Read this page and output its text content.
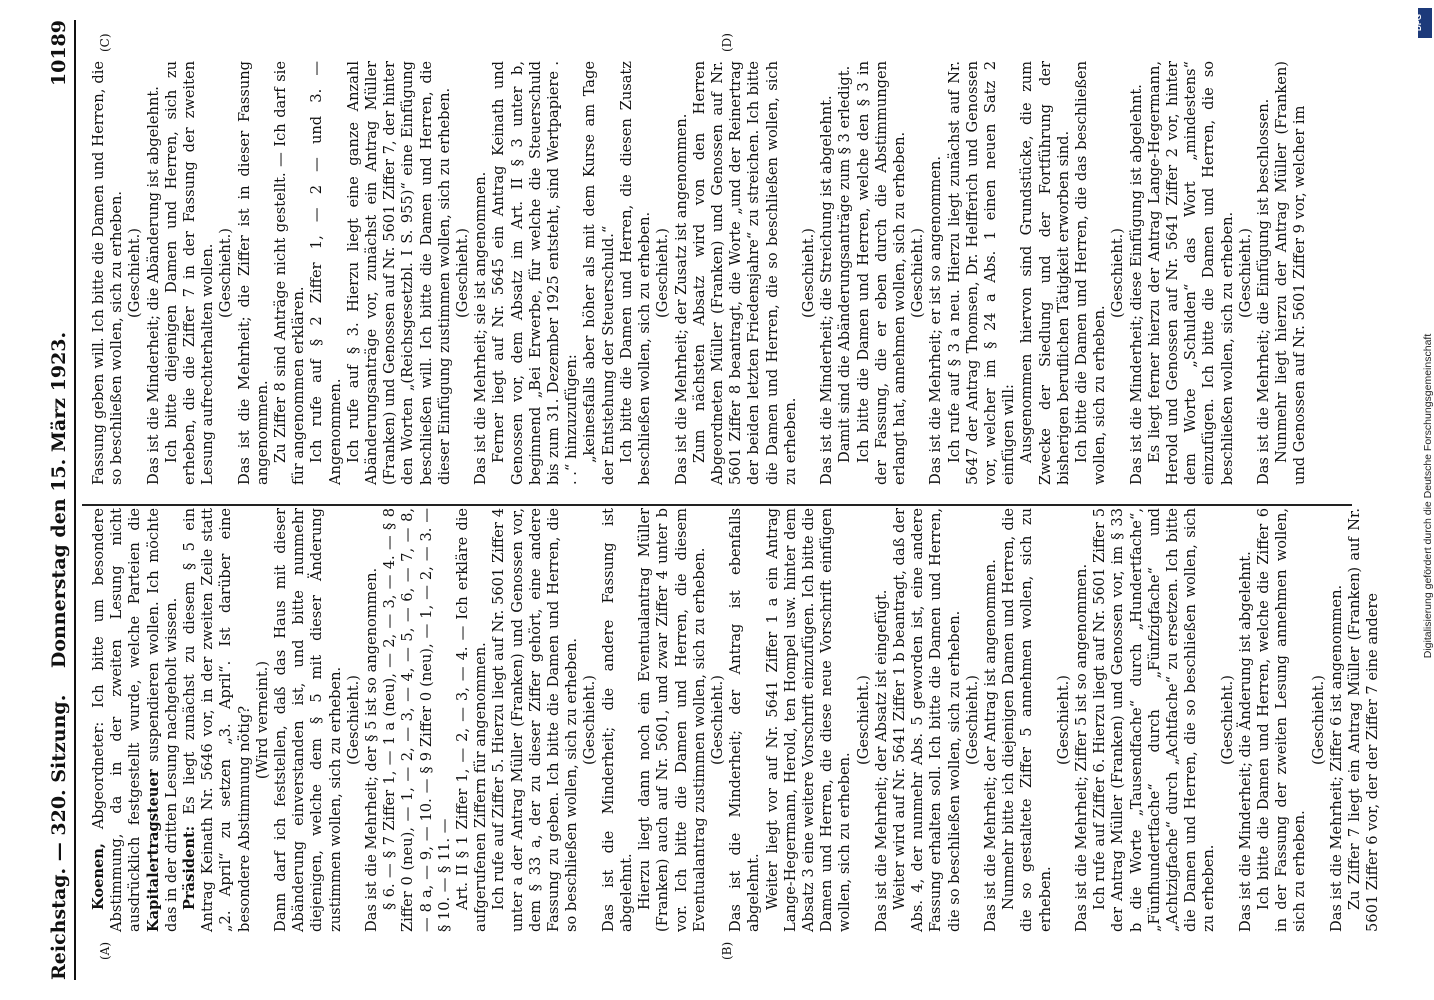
Reichstag. — 320. Sitzung.
Donnerstag den 15. März 1923.
10189
(A)	(B)
(C)	(D)

Koenen, Abgeordneter: Ich bitte um besondere Abstimmung, da in der zweiten Lesung nicht ausdrücklich festgestellt wurde, welche Parteien die Kapitalertragsteuer suspendieren wollen. Ich möchte das in der dritten Lesung nachgeholt wissen. Präsident: Es liegt zunächst zu diesem § 5 ein Antrag Keinath Nr. 5646 vor, in der zweiten Zeile statt „2. April“ zu setzen „3. April“. Ist darüber eine besondere Abstimmung nötig? (Wird verneint.) Dann darf ich feststellen, daß das Haus mit dieser Abänderung einverstanden ist, und bitte nunmehr diejenigen, welche dem § 5 mit dieser Änderung zustimmen wollen, sich zu erheben. (Geschieht.) Das ist die Mehrheit; der § 5 ist so angenommen. § 6. — § 7 Ziffer 1, — 1 a (neu), — 2, — 3, — 4. — § 8 Ziffer 0 (neu), — 1, — 2, — 3, — 4, — 5, — 6, — 7, — 8, — 8 a, — 9, — 10. — § 9 Ziffer 0 (neu), — 1, — 2, — 3. — § 10. — § 11. — Art. II § 1 Ziffer 1, — 2, — 3, — 4. — Ich erkläre die aufgerufenen Ziffern für angenommen. Ich rufe auf Ziffer 5. Hierzu liegt auf Nr. 5601 Ziffer 4 unter a der Antrag Müller (Franken) und Genossen vor, dem § 33 a, der zu dieser Ziffer gehört, eine andere Fassung zu geben. Ich bitte die Damen und Herren, die so beschließen wollen, sich zu erheben. (Geschieht.) Das ist die Minderheit; die andere Fassung ist abgelehnt. Hierzu liegt dann noch ein Eventualantrag Müller (Franken) auch auf Nr. 5601, und zwar Ziffer 4 unter b vor. Ich bitte die Damen und Herren, die diesem Eventualantrag zustimmen wollen, sich zu erheben. (Geschieht.) Das ist die Minderheit; der Antrag ist ebenfalls abgelehnt. Weiter liegt vor auf Nr. 5641 Ziffer 1 a ein Antrag Lange-Hegermann, Herold, ten Hompel usw. hinter dem Absatz 3 eine weitere Vorschrift einzufügen. Ich bitte die Damen und Herren, die diese neue Vorschrift einfügen wollen, sich zu erheben.

(Geschieht.) Das ist die Mehrheit; der Absatz ist eingefügt. Weiter wird auf Nr. 5641 Ziffer 1 b beantragt, daß der Abs. 4, der nunmehr Abs. 5 geworden ist, eine andere Fassung erhalten soll. Ich bitte die Damen und Herren, die so beschließen wollen, sich zu erheben. (Geschieht.) Das ist die Mehrheit; der Antrag ist angenommen. Nunmehr bitte ich diejenigen Damen und Herren, die die so gestaltete Ziffer 5 annehmen wollen, sich zu erheben.

(Geschieht.) Das ist die Mehrheit; Ziffer 5 ist so angenommen. Ich rufe auf Ziffer 6. Hierzu liegt auf Nr. 5601 Ziffer 5 der Antrag Müller (Franken) und Genossen vor, im § 33 b die Worte „Tausendfache“ durch „Hundertfache“, „Fünfhundertfache“ durch „Fünfzigfache“ und „Achtzigfache“ durch „Achtfache“ zu ersetzen. Ich bitte die Damen und Herren, die so beschließen wollen, sich zu erheben.

(Geschieht.) Das ist die Minderheit; die Änderung ist abgelehnt. Ich bitte die Damen und Herren, welche die Ziffer 6 in der Fassung der zweiten Lesung annehmen wollen, sich zu erheben.

(Geschieht.) Das ist die Mehrheit; Ziffer 6 ist angenommen. Zu Ziffer 7 liegt ein Antrag Müller (Franken) auf Nr. 5601 Ziffer 6 vor, der der Ziffer 7 eine andere

Fassung geben will. Ich bitte die Damen und Herren, die so beschließen wollen, sich zu erheben. (Geschieht.) Das ist die Minderheit; die Abänderung ist abgelehnt. Ich bitte diejenigen Damen und Herren, sich zu erheben, die die Ziffer 7 in der Fassung der zweiten Lesung aufrechterhalten wollen. (Geschieht.) Das ist die Mehrheit; die Ziffer ist in dieser Fassung angenommen. Zu Ziffer 8 sind Anträge nicht gestellt. — Ich darf sie für angenommen erklären. Ich rufe auf § 2 Ziffer 1, — 2 — und 3. — Angenommen. Ich rufe auf § 3. Hierzu liegt eine ganze Anzahl Abänderungsanträge vor, zunächst ein Antrag Müller (Franken) und Genossen auf Nr. 5601 Ziffer 7, der hinter den Worten „(Reichsgesetzbl. I S. 955)“ eine Einfügung beschließen will. Ich bitte die Damen und Herren, die dieser Einfügung zustimmen wollen, sich zu erheben. (Geschieht.) Das ist die Mehrheit; sie ist angenommen. Ferner liegt auf Nr. 5645 ein Antrag Keinath und Genossen vor, dem Absatz im Art. II § 3 unter b, beginnend „Bei Erwerbe, für welche die Steuerschuld bis zum 31. Dezember 1925 entsteht, sind Wertpapiere . . .“ hinzuzufügen: „keinesfalls aber höher als mit dem Kurse am Tage der Entstehung der Steuerschuld.“ Ich bitte die Damen und Herren, die diesen Zusatz beschließen wollen, sich zu erheben. (Geschieht.) Das ist die Mehrheit; der Zusatz ist angenommen. Zum nächsten Absatz wird von den Herren Abgeordneten Müller (Franken) und Genossen auf Nr. 5601 Ziffer 8 beantragt, die Worte „und der Reinertrag der beiden letzten Friedensjahre“ zu streichen. Ich bitte die Damen und Herren, die so beschließen wollen, sich zu erheben.

(Geschieht.) Das ist die Minderheit; die Streichung ist abgelehnt. Damit sind die Abänderungsanträge zum § 3 erledigt. Ich bitte die Damen und Herren, welche den § 3 in der Fassung, die er eben durch die Abstimmungen erlangt hat, annehmen wollen, sich zu erheben. (Geschieht.) Das ist die Mehrheit; er ist so angenommen. Ich rufe auf § 3 a neu. Hierzu liegt zunächst auf Nr. 5647 der Antrag Thomsen, Dr. Helfferich und Genossen vor, welcher im § 24 a Abs. 1 einen neuen Satz 2 einfügen will: Ausgenommen hiervon sind Grundstücke, die zum Zwecke der Siedlung und der Fortführung der bisherigen beruflichen Tätigkeit erworben sind. Ich bitte die Damen und Herren, die das beschließen wollen, sich zu erheben.

(Geschieht.) Das ist die Minderheit; diese Einfügung ist abgelehnt. Es liegt ferner hierzu der Antrag Lange-Hegermann, Herold und Genossen auf Nr. 5641 Ziffer 2 vor, hinter dem Worte „Schulden“ das Wort „mindestens“ einzufügen. Ich bitte die Damen und Herren, die so beschließen wollen, sich zu erheben. (Geschieht.) Das ist die Mehrheit; die Einfügung ist beschlossen. Nunmehr liegt hierzu der Antrag Müller (Franken) und Genossen auf Nr. 5601 Ziffer 9 vor, welcher im

DFG
Digitalisierung gefördert durch die Deutsche Forschungsgemeinschaft
